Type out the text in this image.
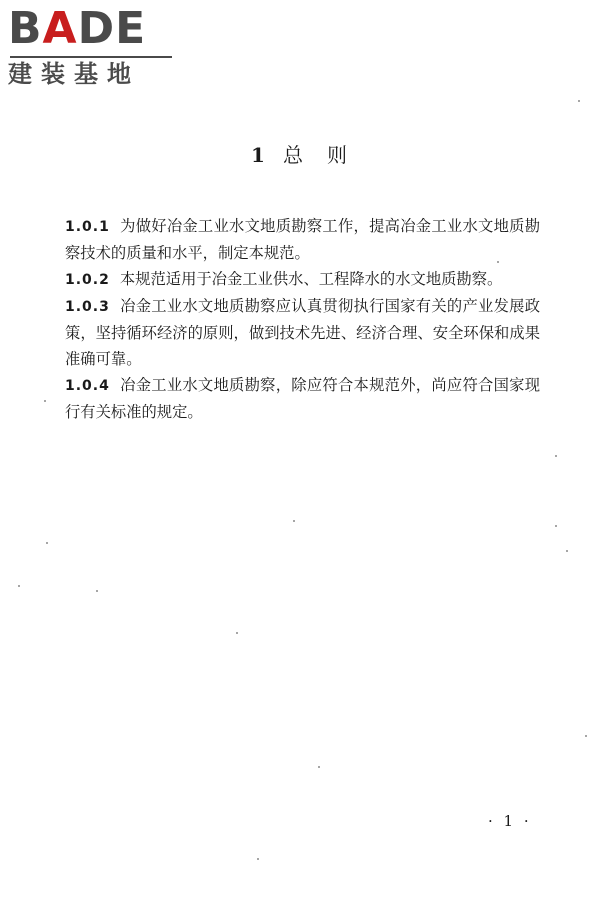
BADE
建装基地
1 总　则

1.0.1 为做好冶金工业水文地质勘察工作，提高冶金工业水文地质勘察技术的质量和水平，制定本规范。

1.0.2 本规范适用于冶金工业供水、工程降水的水文地质勘察。

1.0.3 冶金工业水文地质勘察应认真贯彻执行国家有关的产业发展政策，坚持循环经济的原则，做到技术先进、经济合理、安全环保和成果准确可靠。

1.0.4 冶金工业水文地质勘察，除应符合本规范外，尚应符合国家现行有关标准的规定。

· 1 ·
